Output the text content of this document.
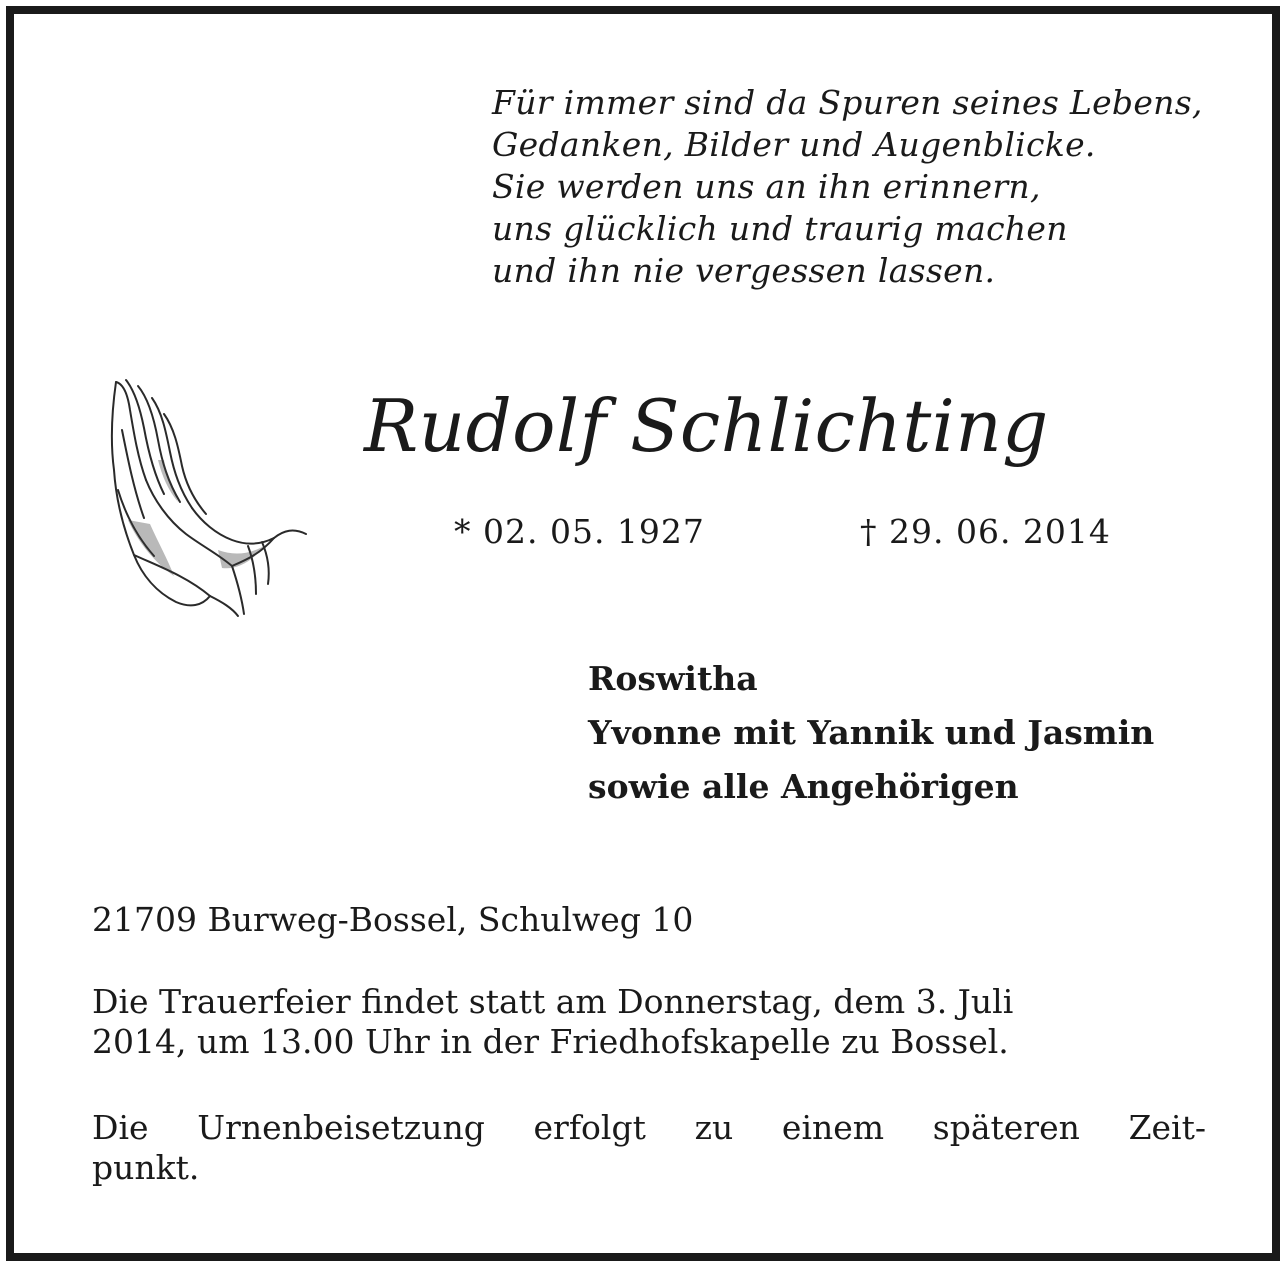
Für immer sind da Spuren seines Lebens,
Gedanken, Bilder und Augenblicke.
Sie werden uns an ihn erinnern,
uns glücklich und traurig machen
und ihn nie vergessen lassen.
Rudolf Schlichting
* 02. 05. 1927	† 29. 06. 2014
Roswitha
Yvonne mit Yannik und Jasmin
sowie alle Angehörigen
21709 Burweg-Bossel, Schulweg 10
Die Trauerfeier findet statt am Donnerstag, dem 3. Juli
2014, um 13.00 Uhr in der Friedhofskapelle zu Bossel.
Die Urnenbeisetzung erfolgt zu einem späteren Zeit-
punkt.
